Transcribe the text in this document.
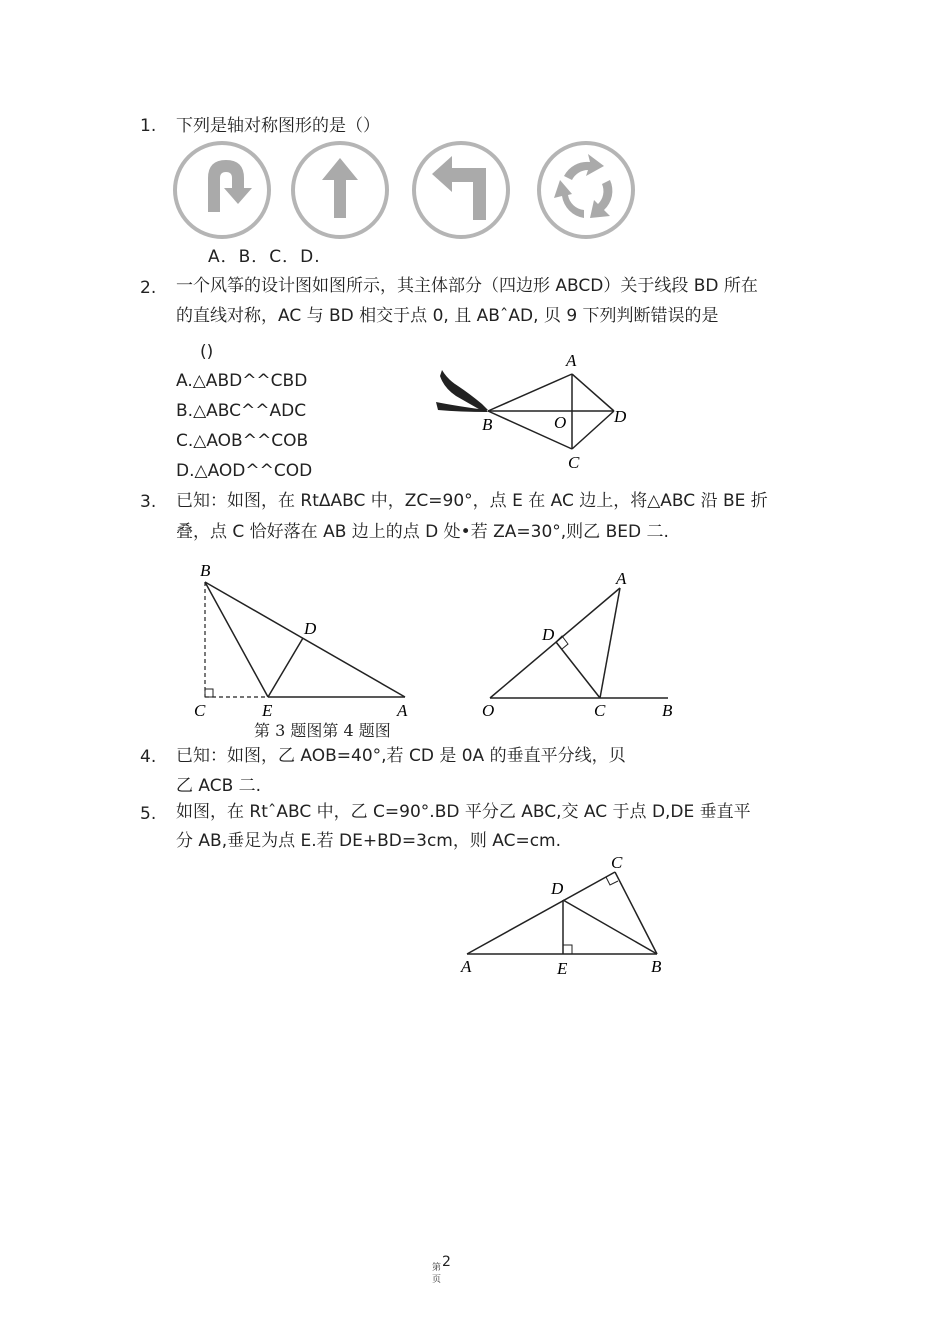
1. 下列是轴对称图形的是（）
A．B．C．D.
2. 一个风筝的设计图如图所示，其主体部分（四边形 ABCD）关于线段 BD 所在
的直线对称，AC 与 BD 相交于点 0, 且 ABˆAD, 贝 9 下列判断错误的是
()
A.△ABD^^CBD
B.△ABC^^ADC
C.△AOB^^COB
D.△AOD^^COD
A
B	O	D
C
3. 已知：如图，在 RtΔABC 中，ZC=90°，点 E 在 AC 边上，将△ABC 沿 BE 折
叠，点 C 恰好落在 AB 边上的点 D 处•若 ZA=30°,则乙 BED 二.
B
D
C	E	A
A
D
O	C	B
第 3 题图第 4 题图
4. 已知：如图，乙 AOB=40°,若 CD 是 0A 的垂直平分线，贝
乙 ACB 二.
5. 如图，在 RtˆABC 中，乙 C=90°.BD 平分乙 ABC,交 AC 于点 D,DE 垂直平
分 AB,垂足为点 E.若 DE+BD=3cm，则 AC=cm.
C
D
A	E	B
第 2
页
